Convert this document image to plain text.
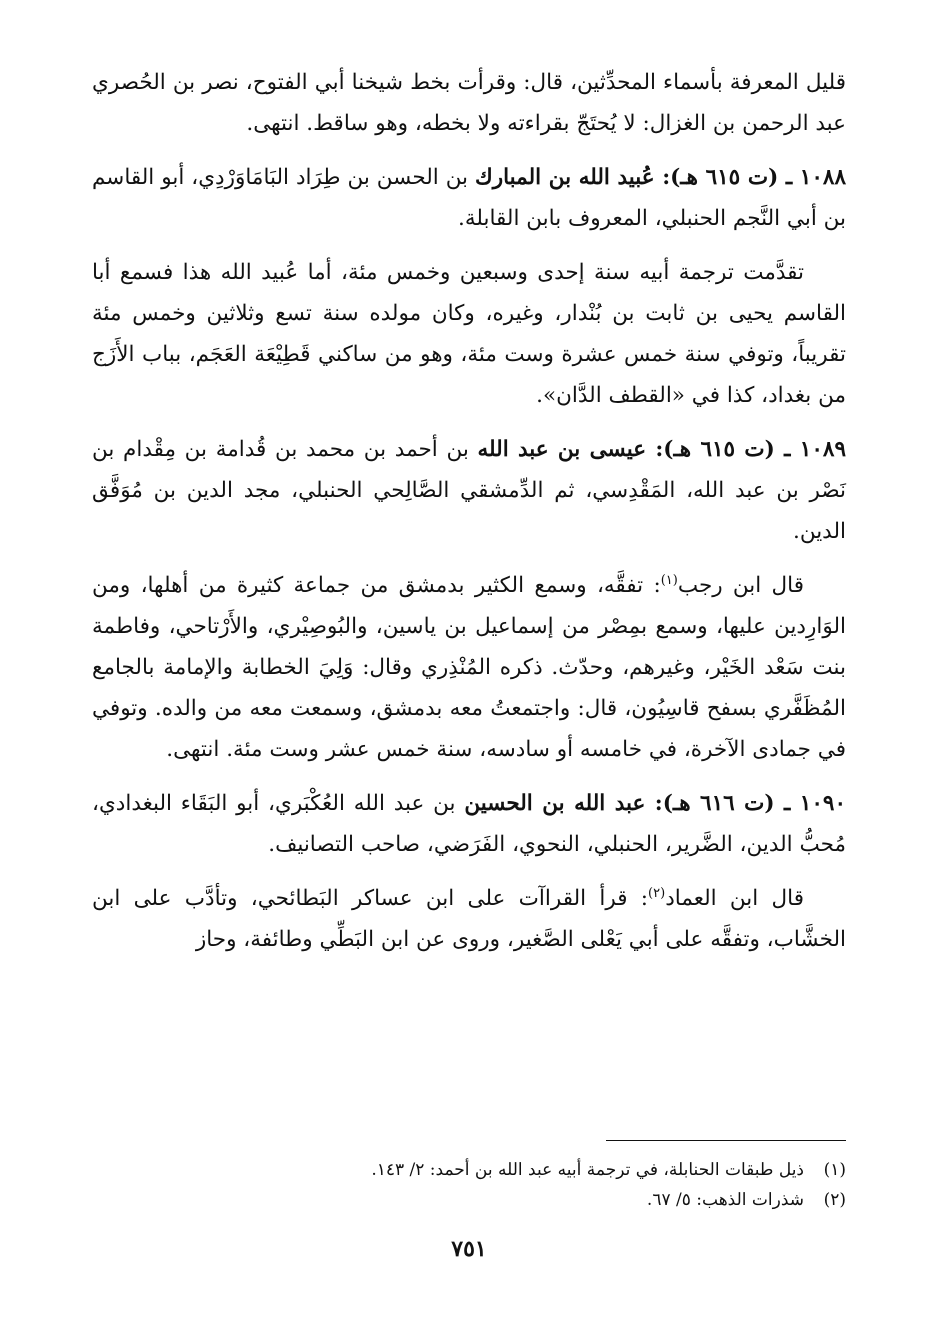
قليل المعرفة بأسماء المحدِّثين، قال: وقرأت بخط شيخنا أبي الفتوح، نصر بن الحُصري عبد الرحمن بن الغزال: لا يُحتَجّ بقراءته ولا بخطه، وهو ساقط. انتهى.

١٠٨٨ ـ (ت ٦١٥ هـ): عُبيد الله بن المبارك بن الحسن بن طِرَاد البَامَاوَرْدِي، أبو القاسم بن أبي النَّجم الحنبلي، المعروف بابن القابلة.

تقدَّمت ترجمة أبيه سنة إحدى وسبعين وخمس مئة، أما عُبيد الله هذا فسمع أبا القاسم يحيى بن ثابت بن بُنْدار، وغيره، وكان مولده سنة تسع وثلاثين وخمس مئة تقريباً، وتوفي سنة خمس عشرة وست مئة، وهو من ساكني قَطِيْعَة العَجَم، بباب الأَزَج من بغداد، كذا في «القطف الدَّان».

١٠٨٩ ـ (ت ٦١٥ هـ): عيسى بن عبد الله بن أحمد بن محمد بن قُدامة بن مِقْدام بن نَصْر بن عبد الله، المَقْدِسي، ثم الدِّمشقي الصَّالِحي الحنبلي، مجد الدين بن مُوَفَّق الدين.

قال ابن رجب$^{(١)}$: تفقَّه، وسمع الكثير بدمشق من جماعة كثيرة من أهلها، ومن الوَارِدين عليها، وسمع بمِصْر من إسماعيل بن ياسين، والبُوصِيْري، والأَرْتاحي، وفاطمة بنت سَعْد الخَيْر، وغيرهم، وحدّث. ذكره المُنْذِري وقال: وَلِيَ الخطابة والإمامة بالجامع المُظَفَّري بسفح قاسِيُون، قال: واجتمعتُ معه بدمشق، وسمعت معه من والده. وتوفي في جمادى الآخرة، في خامسه أو سادسه، سنة خمس عشر وست مئة. انتهى.

١٠٩٠ ـ (ت ٦١٦ هـ): عبد الله بن الحسين بن عبد الله العُكْبَري، أبو البَقَاء البغدادي، مُحبُّ الدين، الضَّرير، الحنبلي، النحوي، الفَرَضي، صاحب التصانيف.

قال ابن العماد$^{(٢)}$: قرأ القراآت على ابن عساكر البَطائحي، وتأدَّب على ابن الخشَّاب، وتفقَّه على أبي يَعْلى الصَّغير، وروى عن ابن البَطِّي وطائفة، وحاز

(١)
ذيل طبقات الحنابلة، في ترجمة أبيه عبد الله بن أحمد: ٢/ ١٤٣.
(٢)
شذرات الذهب: ٥/ ٦٧.
٧٥١
